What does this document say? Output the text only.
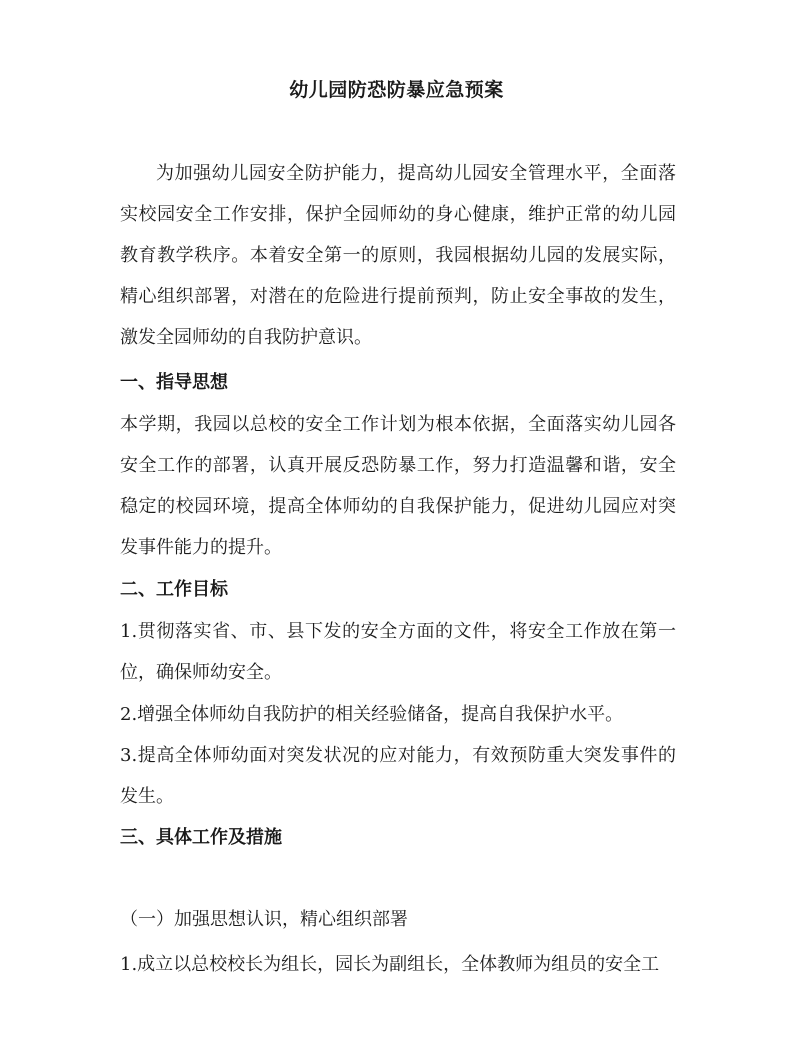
幼儿园防恐防暴应急预案
为加强幼儿园安全防护能力，提高幼儿园安全管理水平，全面落实校园安全工作安排，保护全园师幼的身心健康，维护正常的幼儿园教育教学秩序。本着安全第一的原则，我园根据幼儿园的发展实际，精心组织部署，对潜在的危险进行提前预判，防止安全事故的发生，激发全园师幼的自我防护意识。
一、指导思想
本学期，我园以总校的安全工作计划为根本依据，全面落实幼儿园各安全工作的部署，认真开展反恐防暴工作，努力打造温馨和谐，安全稳定的校园环境，提高全体师幼的自我保护能力，促进幼儿园应对突发事件能力的提升。
二、工作目标
1.贯彻落实省、市、县下发的安全方面的文件，将安全工作放在第一位，确保师幼安全。
2.增强全体师幼自我防护的相关经验储备，提高自我保护水平。
3.提高全体师幼面对突发状况的应对能力，有效预防重大突发事件的发生。
三、具体工作及措施
（一）加强思想认识，精心组织部署
1.成立以总校校长为组长，园长为副组长，全体教师为组员的安全工
